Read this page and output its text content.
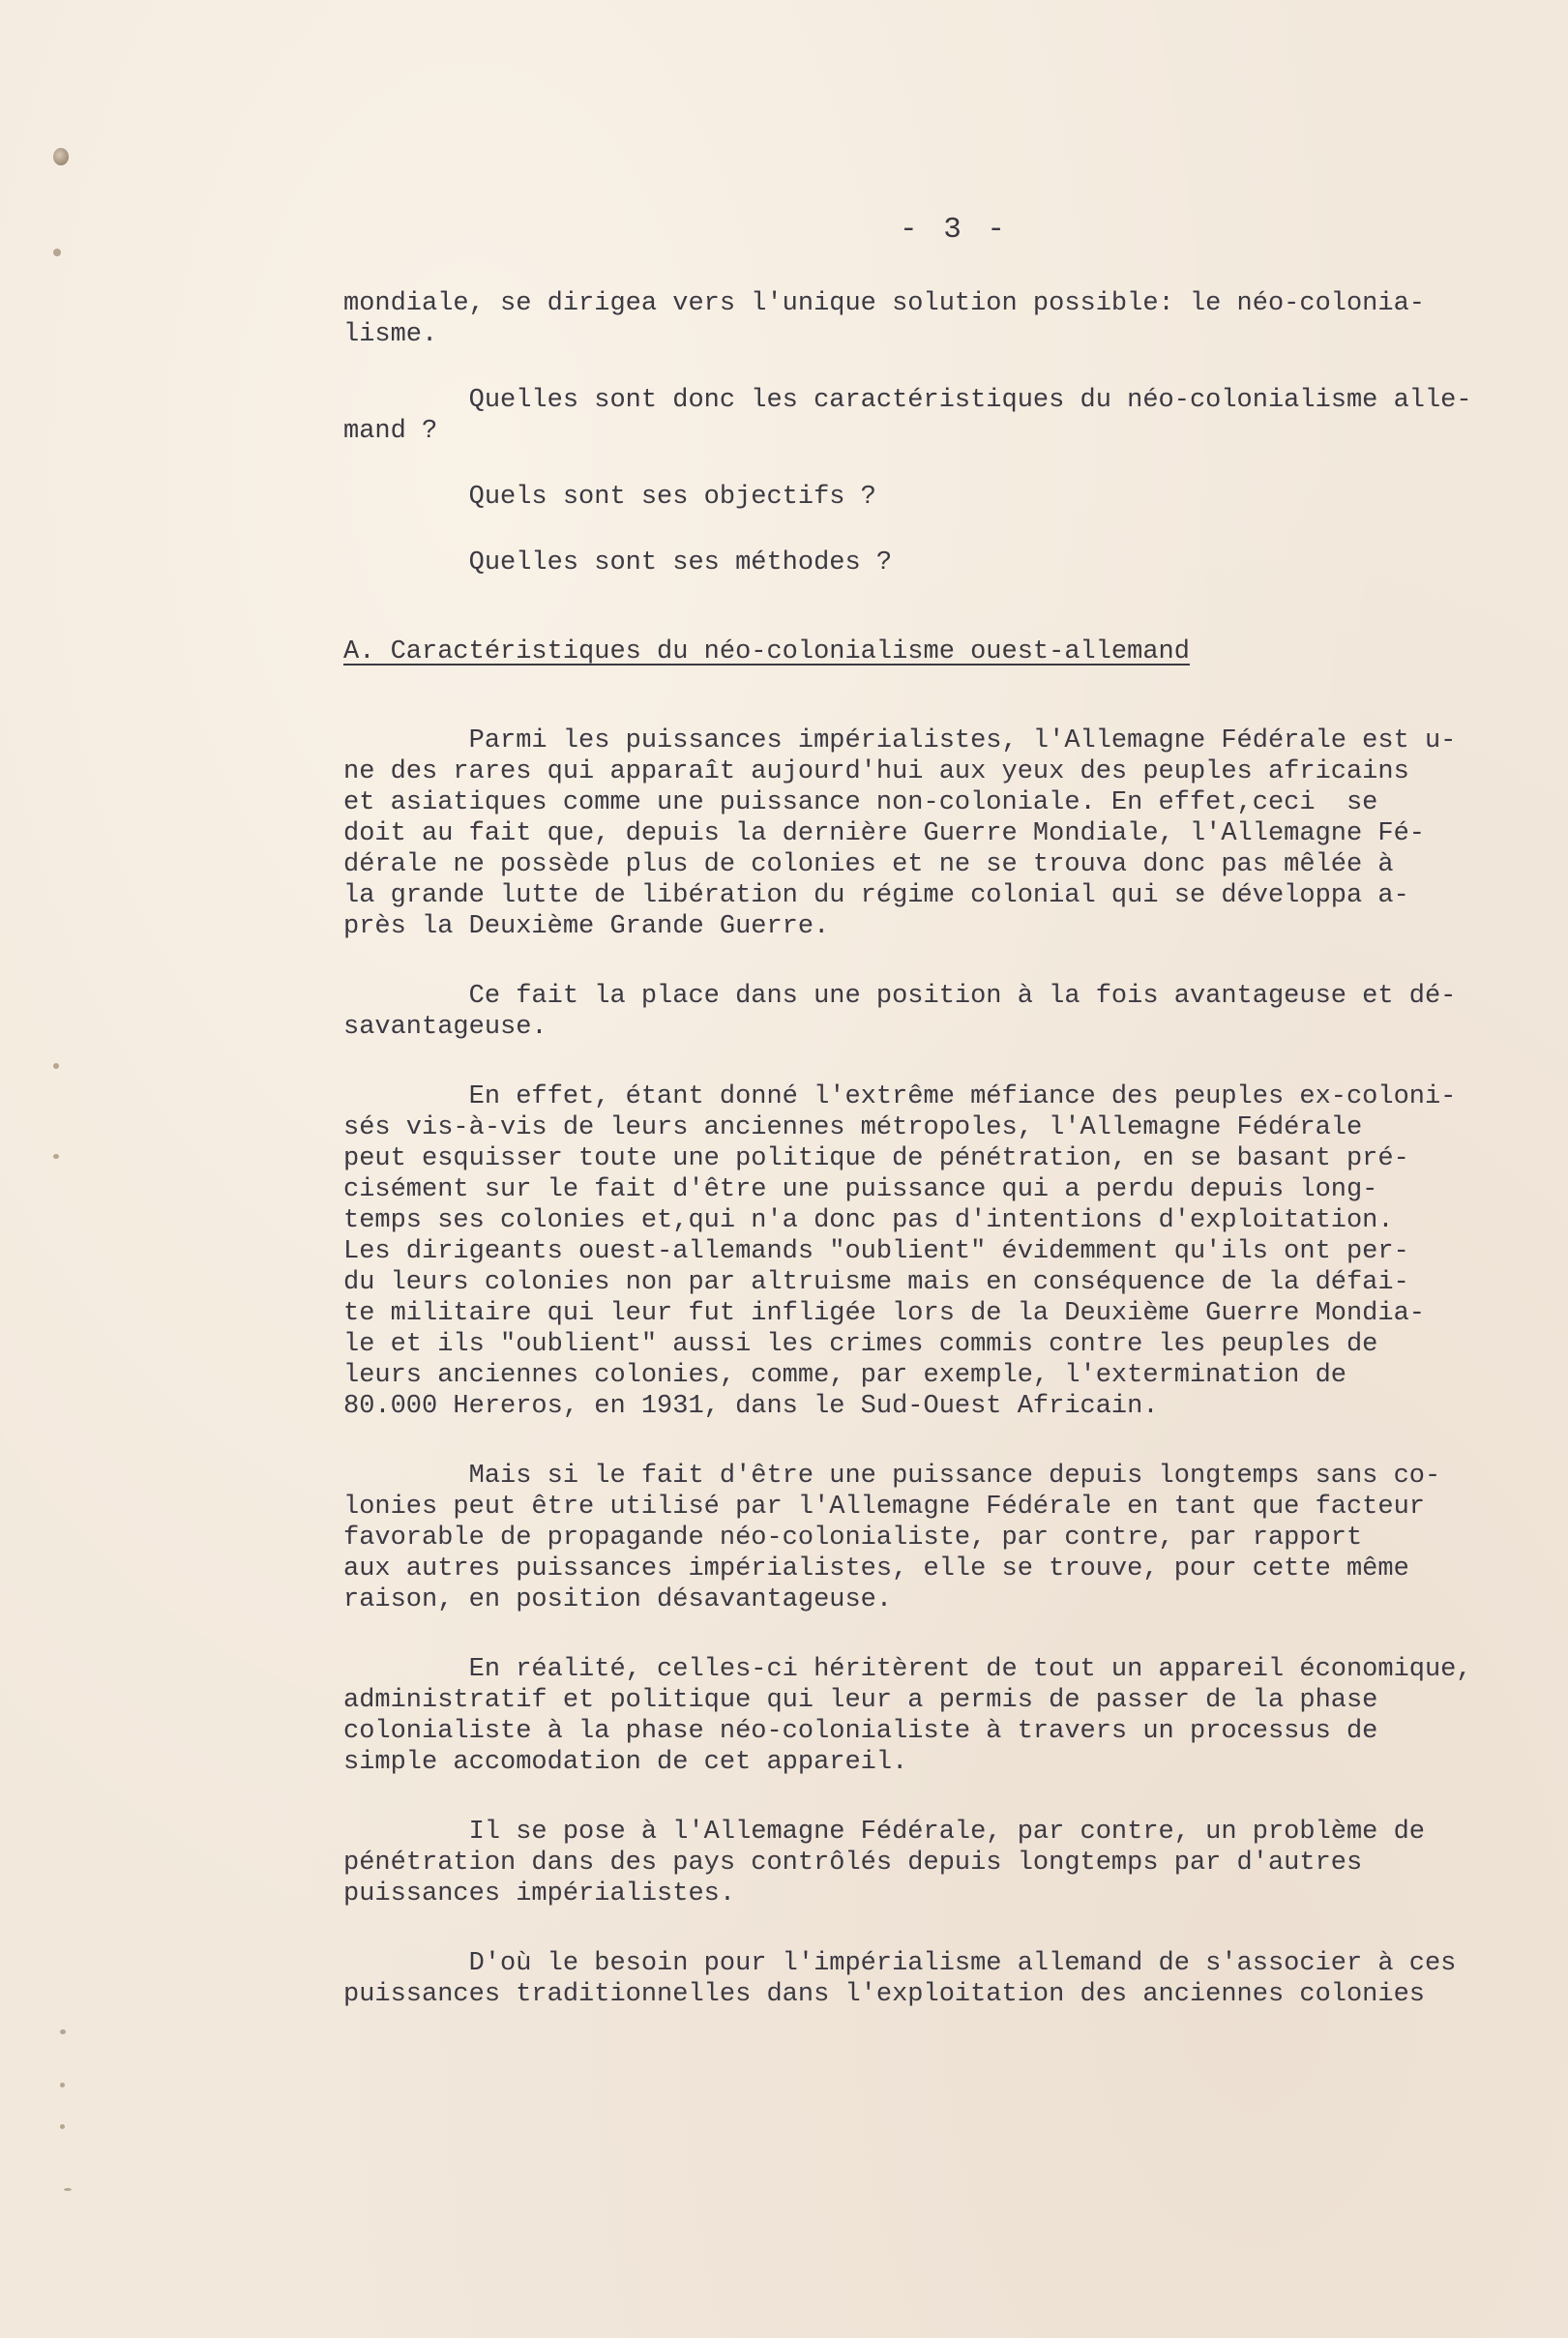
- 3 -

mondiale, se dirigea vers l'unique solution possible: le néo-colonia-
lisme.

Quelles sont donc les caractéristiques du néo-colonialisme alle-
mand ?

Quels sont ses objectifs ?

Quelles sont ses méthodes ?

A. Caractéristiques du néo-colonialisme ouest-allemand

Parmi les puissances impérialistes, l'Allemagne Fédérale est u-
ne des rares qui apparaît aujourd'hui aux yeux des peuples africains
et asiatiques comme une puissance non-coloniale. En effet,ceci  se
doit au fait que, depuis la dernière Guerre Mondiale, l'Allemagne Fé-
dérale ne possède plus de colonies et ne se trouva donc pas mêlée à
la grande lutte de libération du régime colonial qui se développa a-
près la Deuxième Grande Guerre.

Ce fait la place dans une position à la fois avantageuse et dé-
savantageuse.

En effet, étant donné l'extrême méfiance des peuples ex-coloni-
sés vis-à-vis de leurs anciennes métropoles, l'Allemagne Fédérale
peut esquisser toute une politique de pénétration, en se basant pré-
cisément sur le fait d'être une puissance qui a perdu depuis long-
temps ses colonies et,qui n'a donc pas d'intentions d'exploitation.
Les dirigeants ouest-allemands "oublient" évidemment qu'ils ont per-
du leurs colonies non par altruisme mais en conséquence de la défai-
te militaire qui leur fut infligée lors de la Deuxième Guerre Mondia-
le et ils "oublient" aussi les crimes commis contre les peuples de
leurs anciennes colonies, comme, par exemple, l'extermination de
80.000 Hereros, en 1931, dans le Sud-Ouest Africain.

Mais si le fait d'être une puissance depuis longtemps sans co-
lonies peut être utilisé par l'Allemagne Fédérale en tant que facteur
favorable de propagande néo-colonialiste, par contre, par rapport
aux autres puissances impérialistes, elle se trouve, pour cette même
raison, en position désavantageuse.

En réalité, celles-ci héritèrent de tout un appareil économique,
administratif et politique qui leur a permis de passer de la phase
colonialiste à la phase néo-colonialiste à travers un processus de
simple accomodation de cet appareil.

Il se pose à l'Allemagne Fédérale, par contre, un problème de
pénétration dans des pays contrôlés depuis longtemps par d'autres
puissances impérialistes.

D'où le besoin pour l'impérialisme allemand de s'associer à ces
puissances traditionnelles dans l'exploitation des anciennes colonies
